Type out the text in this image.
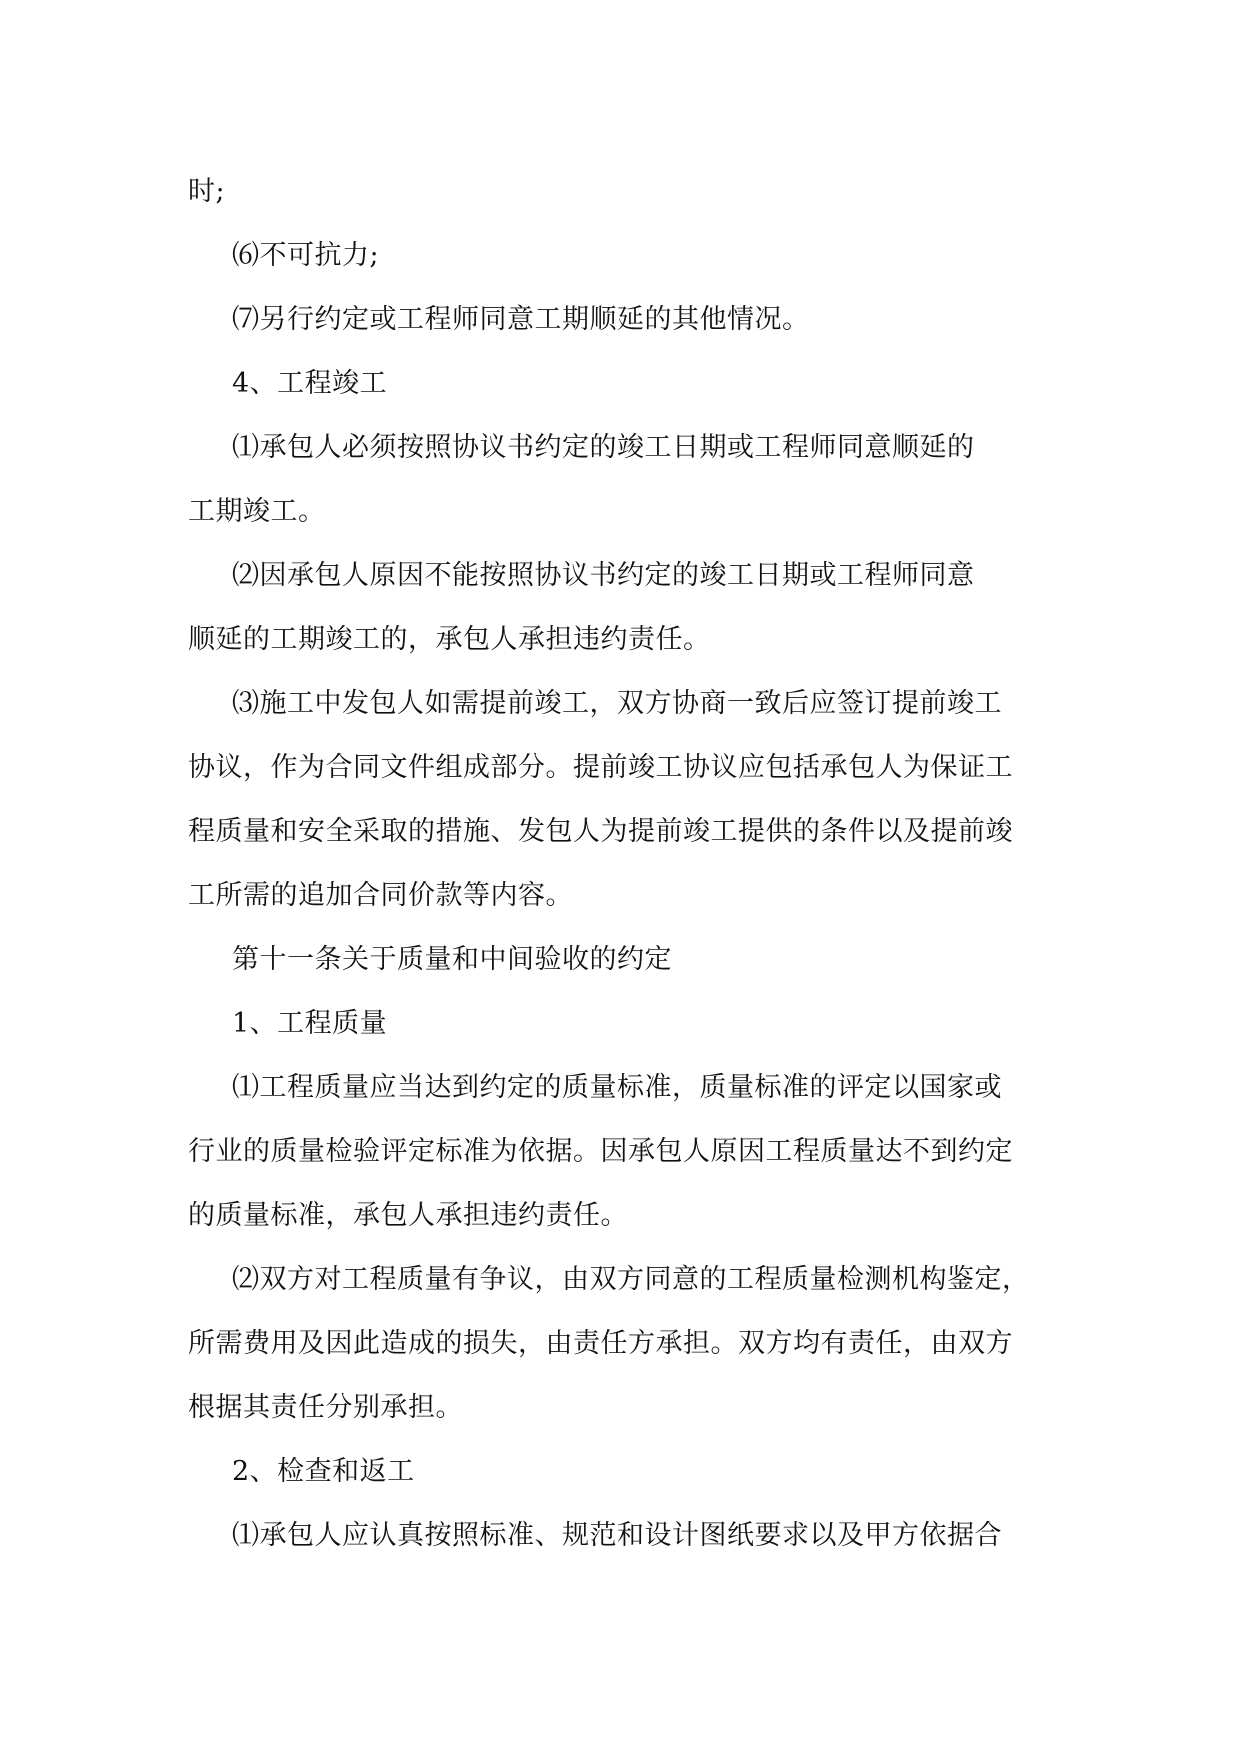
时;
⑹不可抗力;
⑺另行约定或工程师同意工期顺延的其他情况。
4、工程竣工
⑴承包人必须按照协议书约定的竣工日期或工程师同意顺延的
工期竣工。
⑵因承包人原因不能按照协议书约定的竣工日期或工程师同意
顺延的工期竣工的，承包人承担违约责任。
⑶施工中发包人如需提前竣工，双方协商一致后应签订提前竣工
协议，作为合同文件组成部分。提前竣工协议应包括承包人为保证工
程质量和安全采取的措施、发包人为提前竣工提供的条件以及提前竣
工所需的追加合同价款等内容。
第十一条关于质量和中间验收的约定
1、工程质量
⑴工程质量应当达到约定的质量标准，质量标准的评定以国家或
行业的质量检验评定标准为依据。因承包人原因工程质量达不到约定
的质量标准，承包人承担违约责任。
⑵双方对工程质量有争议，由双方同意的工程质量检测机构鉴定，
所需费用及因此造成的损失，由责任方承担。双方均有责任，由双方
根据其责任分别承担。
2、检查和返工
⑴承包人应认真按照标准、规范和设计图纸要求以及甲方依据合
